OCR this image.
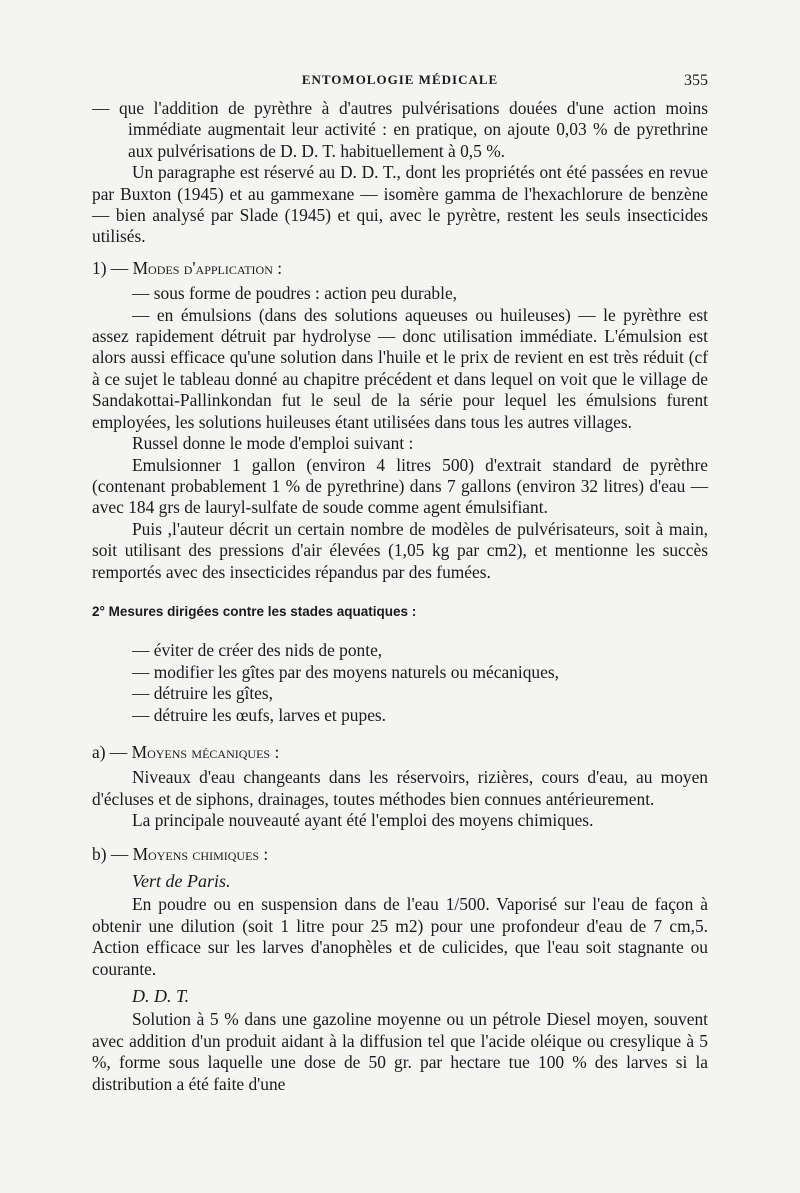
ENTOMOLOGIE MÉDICALE	355

— que l'addition de pyrèthre à d'autres pulvérisations douées d'une action moins immédiate augmentait leur activité : en pratique, on ajoute 0,03 % de pyrethrine aux pulvérisations de D. D. T. habituellement à 0,5 %.

Un paragraphe est réservé au D. D. T., dont les propriétés ont été passées en revue par Buxton (1945) et au gammexane — isomère gamma de l'hexachlorure de benzène — bien analysé par Slade (1945) et qui, avec le pyrètre, restent les seuls insecticides utilisés.

1) — Modes d'application :

— sous forme de poudres : action peu durable,

— en émulsions (dans des solutions aqueuses ou huileuses) — le pyrèthre est assez rapidement détruit par hydrolyse — donc utilisation immédiate. L'émulsion est alors aussi efficace qu'une solution dans l'huile et le prix de revient en est très réduit (cf à ce sujet le tableau donné au chapitre précédent et dans lequel on voit que le village de Sandakottai-Pallinkondan fut le seul de la série pour lequel les émulsions furent employées, les solutions huileuses étant utilisées dans tous les autres villages.

Russel donne le mode d'emploi suivant :

Emulsionner 1 gallon (environ 4 litres 500) d'extrait standard de pyrèthre (contenant probablement 1 % de pyrethrine) dans 7 gallons (environ 32 litres) d'eau — avec 184 grs de lauryl-sulfate de soude comme agent émulsifiant.

Puis ,l'auteur décrit un certain nombre de modèles de pulvérisateurs, soit à main, soit utilisant des pressions d'air élevées (1,05 kg par cm2), et mentionne les succès remportés avec des insecticides répandus par des fumées.

2° Mesures dirigées contre les stades aquatiques :

— éviter de créer des nids de ponte,

— modifier les gîtes par des moyens naturels ou mécaniques,

— détruire les gîtes,

— détruire les œufs, larves et pupes.

a) — Moyens mécaniques :

Niveaux d'eau changeants dans les réservoirs, rizières, cours d'eau, au moyen d'écluses et de siphons, drainages, toutes méthodes bien connues antérieurement.

La principale nouveauté ayant été l'emploi des moyens chimiques.

b) — Moyens chimiques :

Vert de Paris.

En poudre ou en suspension dans de l'eau 1/500. Vaporisé sur l'eau de façon à obtenir une dilution (soit 1 litre pour 25 m2) pour une profondeur d'eau de 7 cm,5. Action efficace sur les larves d'anophèles et de culicides, que l'eau soit stagnante ou courante.

D. D. T.

Solution à 5 % dans une gazoline moyenne ou un pétrole Diesel moyen, souvent avec addition d'un produit aidant à la diffusion tel que l'acide oléique ou cresylique à 5 %, forme sous laquelle une dose de 50 gr. par hectare tue 100 % des larves si la distribution a été faite d'une
